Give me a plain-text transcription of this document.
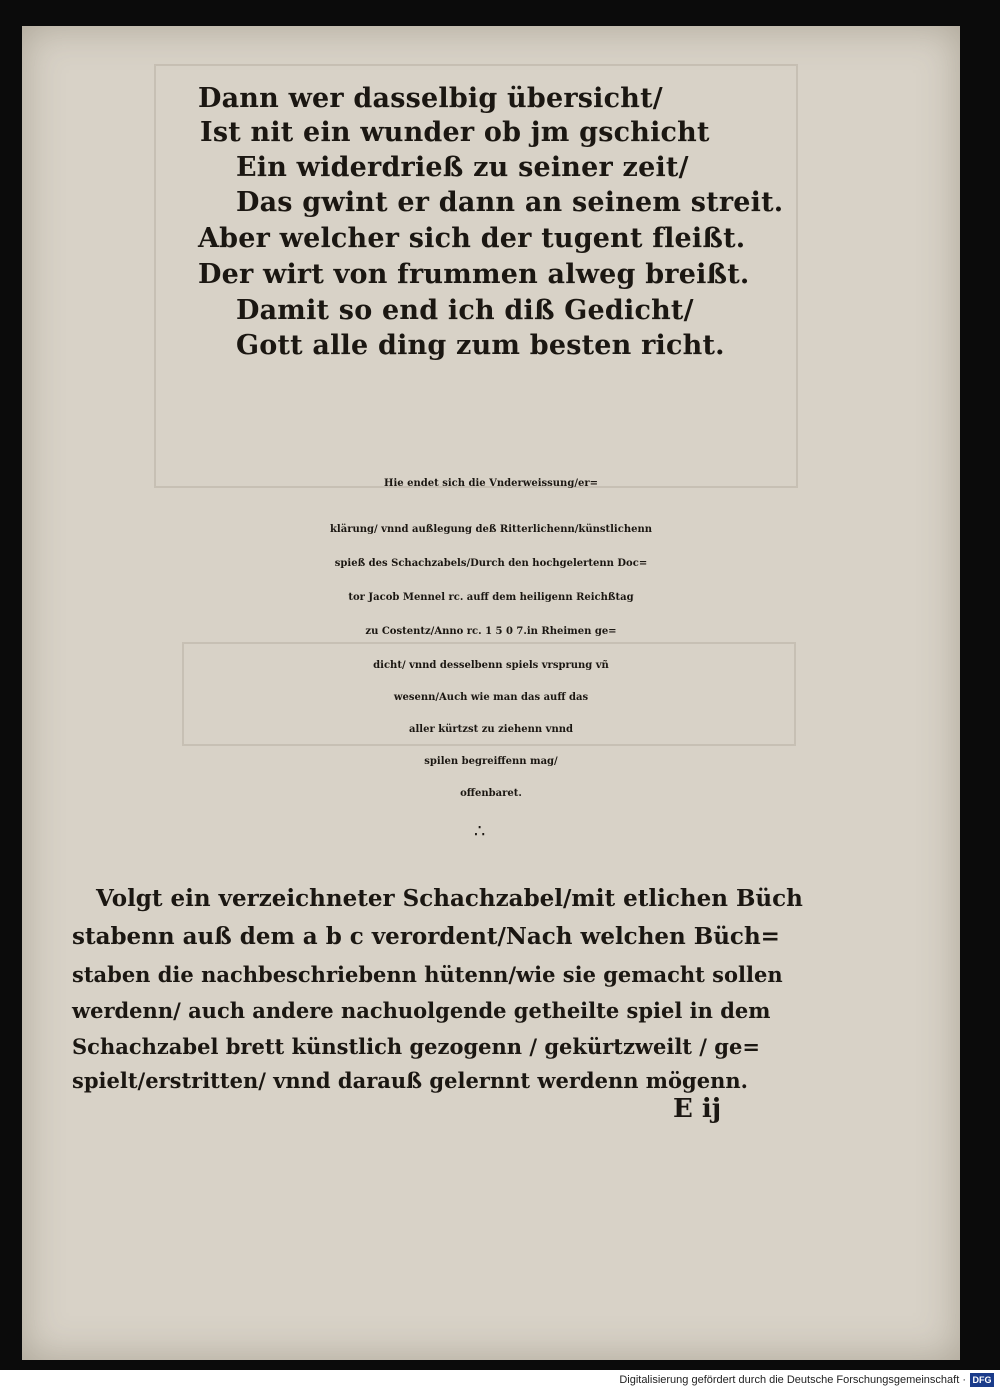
Dann wer dasselbig übersicht/
Ist nit ein wunder ob jm gschicht
Ein widerdrieß zu seiner zeit/
Das gwint er dann an seinem streit.
Aber welcher sich der tugent fleißt.
Der wirt von frummen alweg breißt.
Damit so end ich diß Gedicht/
Gott alle ding zum besten richt.
Hie endet sich die Vnderweissung/er=
klärung/ vnnd außlegung deß Ritterlichenn/künstlichenn
spieß des Schachzabels/Durch den hochgelertenn Doc=
tor Jacob Mennel rc. auff dem heiligenn Reichßtag
zu Costentz/Anno rc. 1 5 0 7.in Rheimen ge=
dicht/ vnnd desselbenn spiels vrsprung vñ
wesenn/Auch wie man das auff das
aller kürtzst zu ziehenn vnnd
spilen begreiffenn mag/
offenbaret.
∴
Volgt ein verzeichneter Schachzabel/mit etlichen Büch
stabenn auß dem a b c verordent/Nach welchen Büch=
staben die nachbeschriebenn hütenn/wie sie gemacht sollen
werdenn/ auch andere nachuolgende getheilte spiel in dem
Schachzabel brett künstlich gezogenn / gekürtzweilt / ge=
spielt/erstritten/ vnnd darauß gelernnt werdenn mögenn.
E ij
Digitalisierung gefördert durch die Deutsche Forschungsgemeinschaft · DFG
